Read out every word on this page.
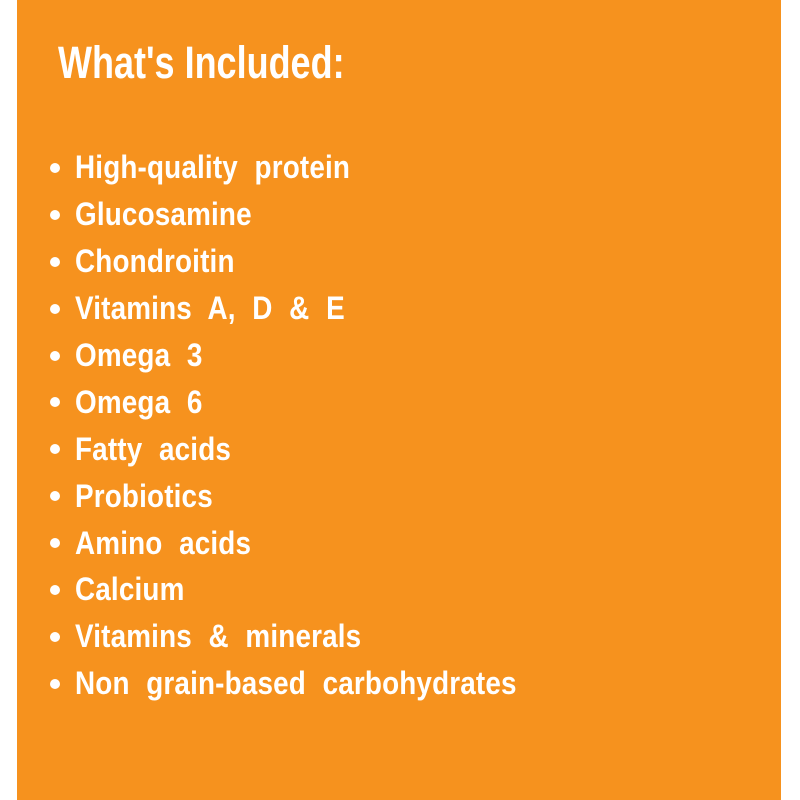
What's Included:
High-quality protein
Glucosamine
Chondroitin
Vitamins A, D & E
Omega 3
Omega 6
Fatty acids
Probiotics
Amino acids
Calcium
Vitamins & minerals
Non grain-based carbohydrates
